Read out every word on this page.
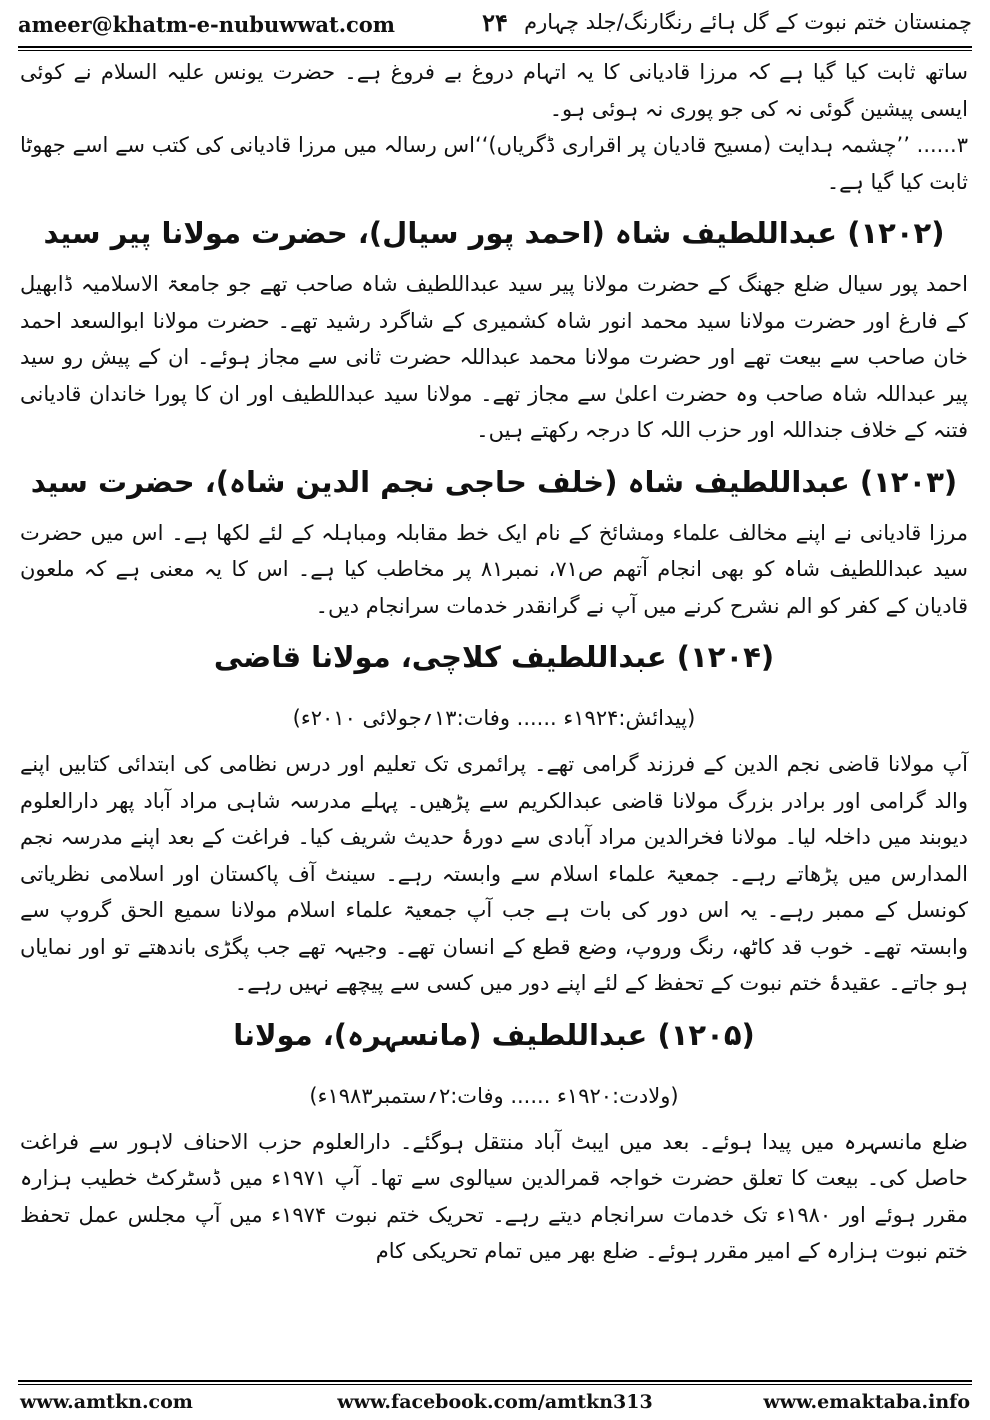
ameer@khatm-e-nubuwwat.com	۲۴ چمنستان ختم نبوت کے گل ہائے رنگارنگ/جلد چہارم

ساتھ ثابت کیا گیا ہے کہ مرزا قادیانی کا یہ اتہام دروغ بے فروغ ہے۔ حضرت یونس علیہ السلام نے کوئی ایسی پیشین گوئی نہ کی جو پوری نہ ہوئی ہو۔

۳...... ’’چشمہ ہدایت (مسیح قادیان پر اقراری ڈگریاں)‘‘اس رسالہ میں مرزا قادیانی کی کتب سے اسے جھوٹا ثابت کیا گیا ہے۔

(۱۲۰۲) عبداللطیف شاہ (احمد پور سیال)، حضرت مولانا پیر سید

احمد پور سیال ضلع جھنگ کے حضرت مولانا پیر سید عبداللطیف شاہ صاحب تھے جو جامعۃ الاسلامیہ ڈابھیل کے فارغ اور حضرت مولانا سید محمد انور شاہ کشمیری کے شاگرد رشید تھے۔ حضرت مولانا ابوالسعد احمد خان صاحب سے بیعت تھے اور حضرت مولانا محمد عبداللہ حضرت ثانی سے مجاز ہوئے۔ ان کے پیش رو سید پیر عبداللہ شاہ صاحب وہ حضرت اعلیٰ سے مجاز تھے۔ مولانا سید عبداللطیف اور ان کا پورا خاندان قادیانی فتنہ کے خلاف جنداللہ اور حزب اللہ کا درجہ رکھتے ہیں۔

(۱۲۰۳) عبداللطیف شاہ (خلف حاجی نجم الدین شاہ)، حضرت سید

مرزا قادیانی نے اپنے مخالف علماء ومشائخ کے نام ایک خط مقابلہ ومباہلہ کے لئے لکھا ہے۔ اس میں حضرت سید عبداللطیف شاہ کو بھی انجام آتھم ص۷۱، نمبر۸۱ پر مخاطب کیا ہے۔ اس کا یہ معنی ہے کہ ملعون قادیان کے کفر کو الم نشرح کرنے میں آپ نے گرانقدر خدمات سرانجام دیں۔

(۱۲۰۴) عبداللطیف کلاچی، مولانا قاضی

(پیدائش:۱۹۲۴ء ...... وفات:۱۳؍جولائی ۲۰۱۰ء)

آپ مولانا قاضی نجم الدین کے فرزند گرامی تھے۔ پرائمری تک تعلیم اور درس نظامی کی ابتدائی کتابیں اپنے والد گرامی اور برادر بزرگ مولانا قاضی عبدالکریم سے پڑھیں۔ پہلے مدرسہ شاہی مراد آباد پھر دارالعلوم دیوبند میں داخلہ لیا۔ مولانا فخرالدین مراد آبادی سے دورۂ حدیث شریف کیا۔ فراغت کے بعد اپنے مدرسہ نجم المدارس میں پڑھاتے رہے۔ جمعیۃ علماء اسلام سے وابستہ رہے۔ سینٹ آف پاکستان اور اسلامی نظریاتی کونسل کے ممبر رہے۔ یہ اس دور کی بات ہے جب آپ جمعیۃ علماء اسلام مولانا سمیع الحق گروپ سے وابستہ تھے۔ خوب قد کاٹھ، رنگ وروپ، وضع قطع کے انسان تھے۔ وجیہہ تھے جب پگڑی باندھتے تو اور نمایاں ہو جاتے۔ عقیدۂ ختم نبوت کے تحفظ کے لئے اپنے دور میں کسی سے پیچھے نہیں رہے۔

(۱۲۰۵) عبداللطیف (مانسہرہ)، مولانا

(ولادت:۱۹۲۰ء ...... وفات:۲؍ستمبر۱۹۸۳ء)

ضلع مانسہرہ میں پیدا ہوئے۔ بعد میں ایبٹ آباد منتقل ہوگئے۔ دارالعلوم حزب الاحناف لاہور سے فراغت حاصل کی۔ بیعت کا تعلق حضرت خواجہ قمرالدین سیالوی سے تھا۔ آپ ۱۹۷۱ء میں ڈسٹرکٹ خطیب ہزارہ مقرر ہوئے اور ۱۹۸۰ء تک خدمات سرانجام دیتے رہے۔ تحریک ختم نبوت ۱۹۷۴ء میں آپ مجلس عمل تحفظ ختم نبوت ہزارہ کے امیر مقرر ہوئے۔ ضلع بھر میں تمام تحریکی کام

www.amtkn.com	www.facebook.com/amtkn313	www.emaktaba.info
